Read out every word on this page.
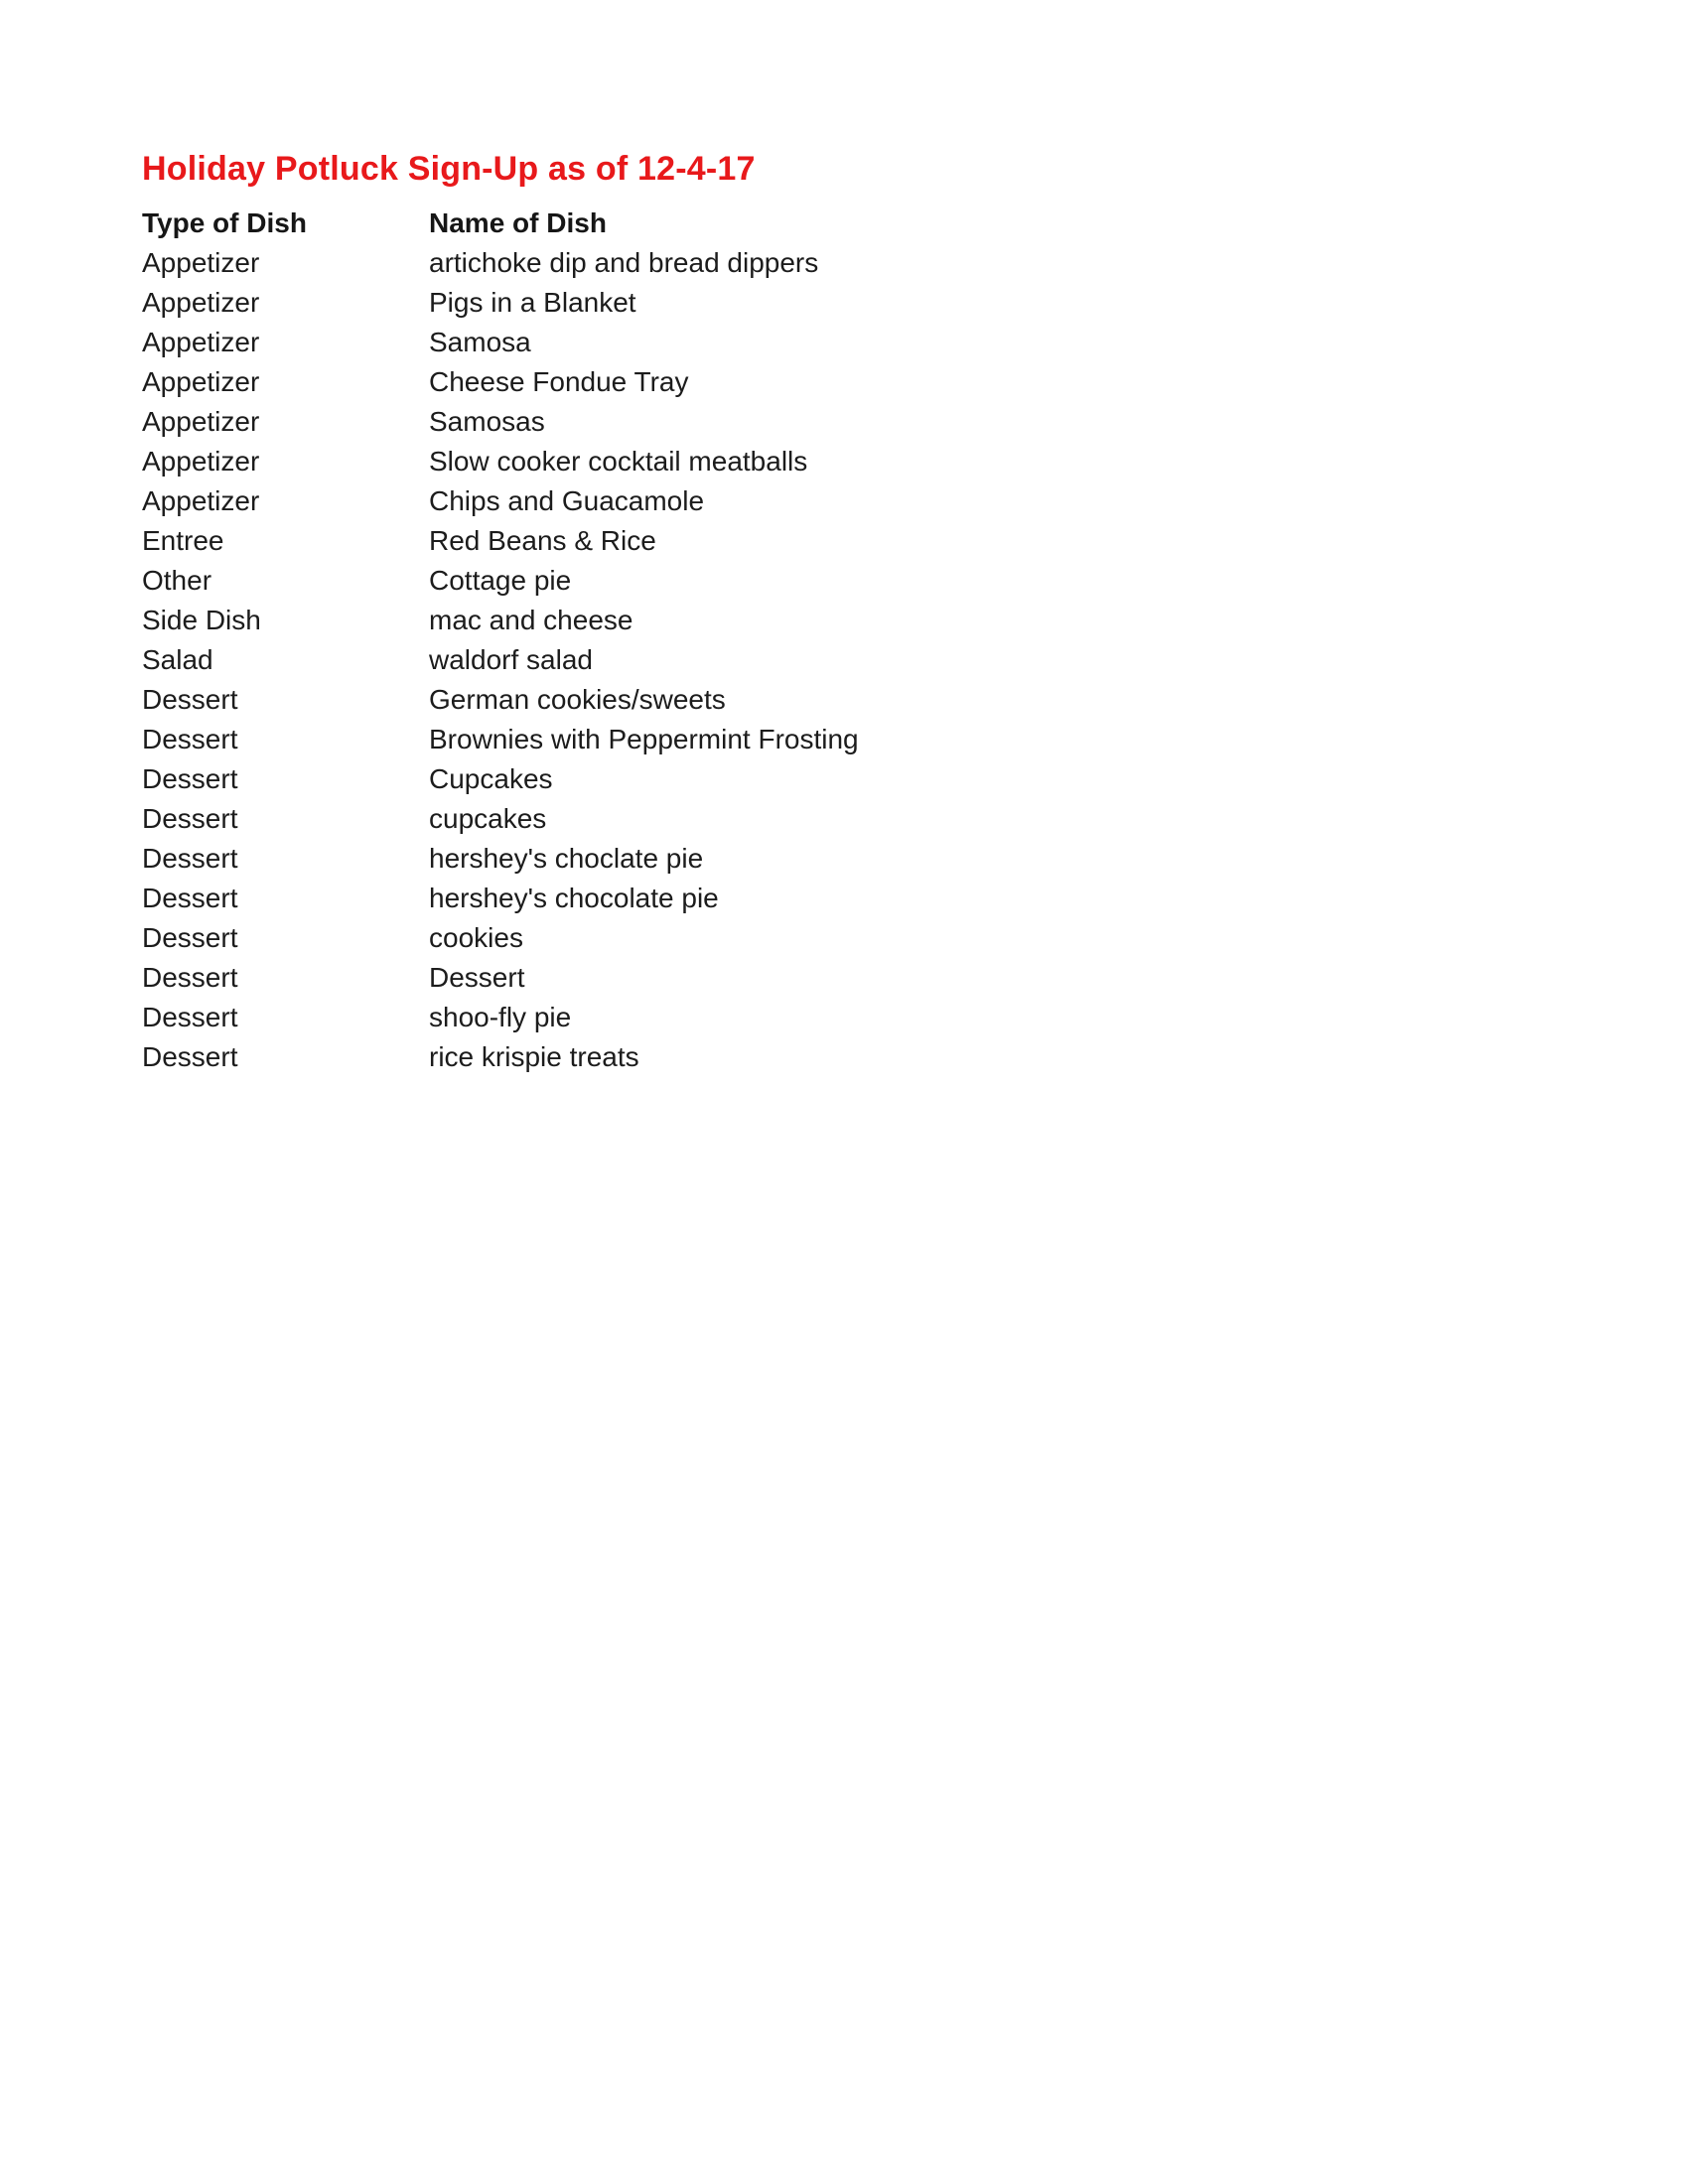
Holiday Potluck Sign-Up as of 12-4-17
Type of Dish	Name of Dish
Appetizer	artichoke dip and bread dippers
Appetizer	Pigs in a Blanket
Appetizer	Samosa
Appetizer	Cheese Fondue Tray
Appetizer	Samosas
Appetizer	Slow cooker cocktail meatballs
Appetizer	Chips and Guacamole
Entree	Red Beans & Rice
Other	Cottage pie
Side Dish	mac and cheese
Salad	waldorf salad
Dessert	German cookies/sweets
Dessert	Brownies with Peppermint Frosting
Dessert	Cupcakes
Dessert	cupcakes
Dessert	hershey's choclate pie
Dessert	hershey's chocolate pie
Dessert	cookies
Dessert	Dessert
Dessert	shoo-fly pie
Dessert	rice krispie treats
